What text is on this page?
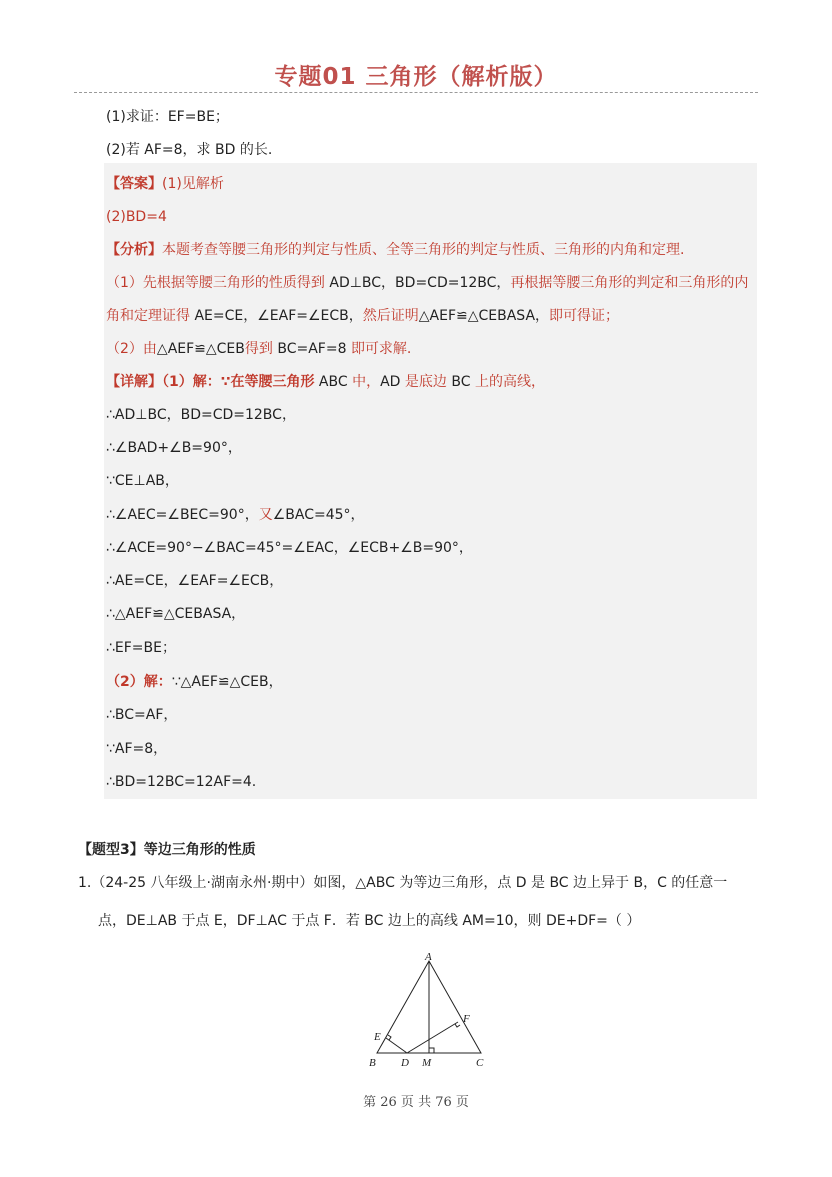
专题01 三角形（解析版）
(1)求证：EF=BE；
(2)若 AF=8，求 BD 的长.
【答案】(1)见解析
(2)BD=4
【分析】本题考查等腰三角形的判定与性质、全等三角形的判定与性质、三角形的内角和定理.
（1）先根据等腰三角形的性质得到 AD⊥BC，BD=CD=12BC，再根据等腰三角形的判定和三角形的内
角和定理证得 AE=CE，∠EAF=∠ECB，然后证明△AEF≌△CEBASA，即可得证；
（2）由△AEF≌△CEB得到 BC=AF=8 即可求解.
【详解】（1）解：∵在等腰三角形 ABC 中，AD 是底边 BC 上的高线，
∴AD⊥BC，BD=CD=12BC，
∴∠BAD+∠B=90°，
∵CE⊥AB，
∴∠AEC=∠BEC=90°，又∠BAC=45°，
∴∠ACE=90°−∠BAC=45°=∠EAC，∠ECB+∠B=90°，
∴AE=CE，∠EAF=∠ECB，
∴△AEF≌△CEBASA，
∴EF=BE；
（2）解：∵△AEF≌△CEB，
∴BC=AF，
∵AF=8，
∴BD=12BC=12AF=4.
【题型3】等边三角形的性质
1.（24-25 八年级上·湖南永州·期中）如图，△ABC 为等边三角形，点 D 是 BC 边上异于 B，C 的任意一
点，DE⊥AB 于点 E，DF⊥AC 于点 F．若 BC 边上的高线 AM=10，则 DE+DF=（ ）
A
B	C
D
E
F
M
第 26 页 共 76 页
